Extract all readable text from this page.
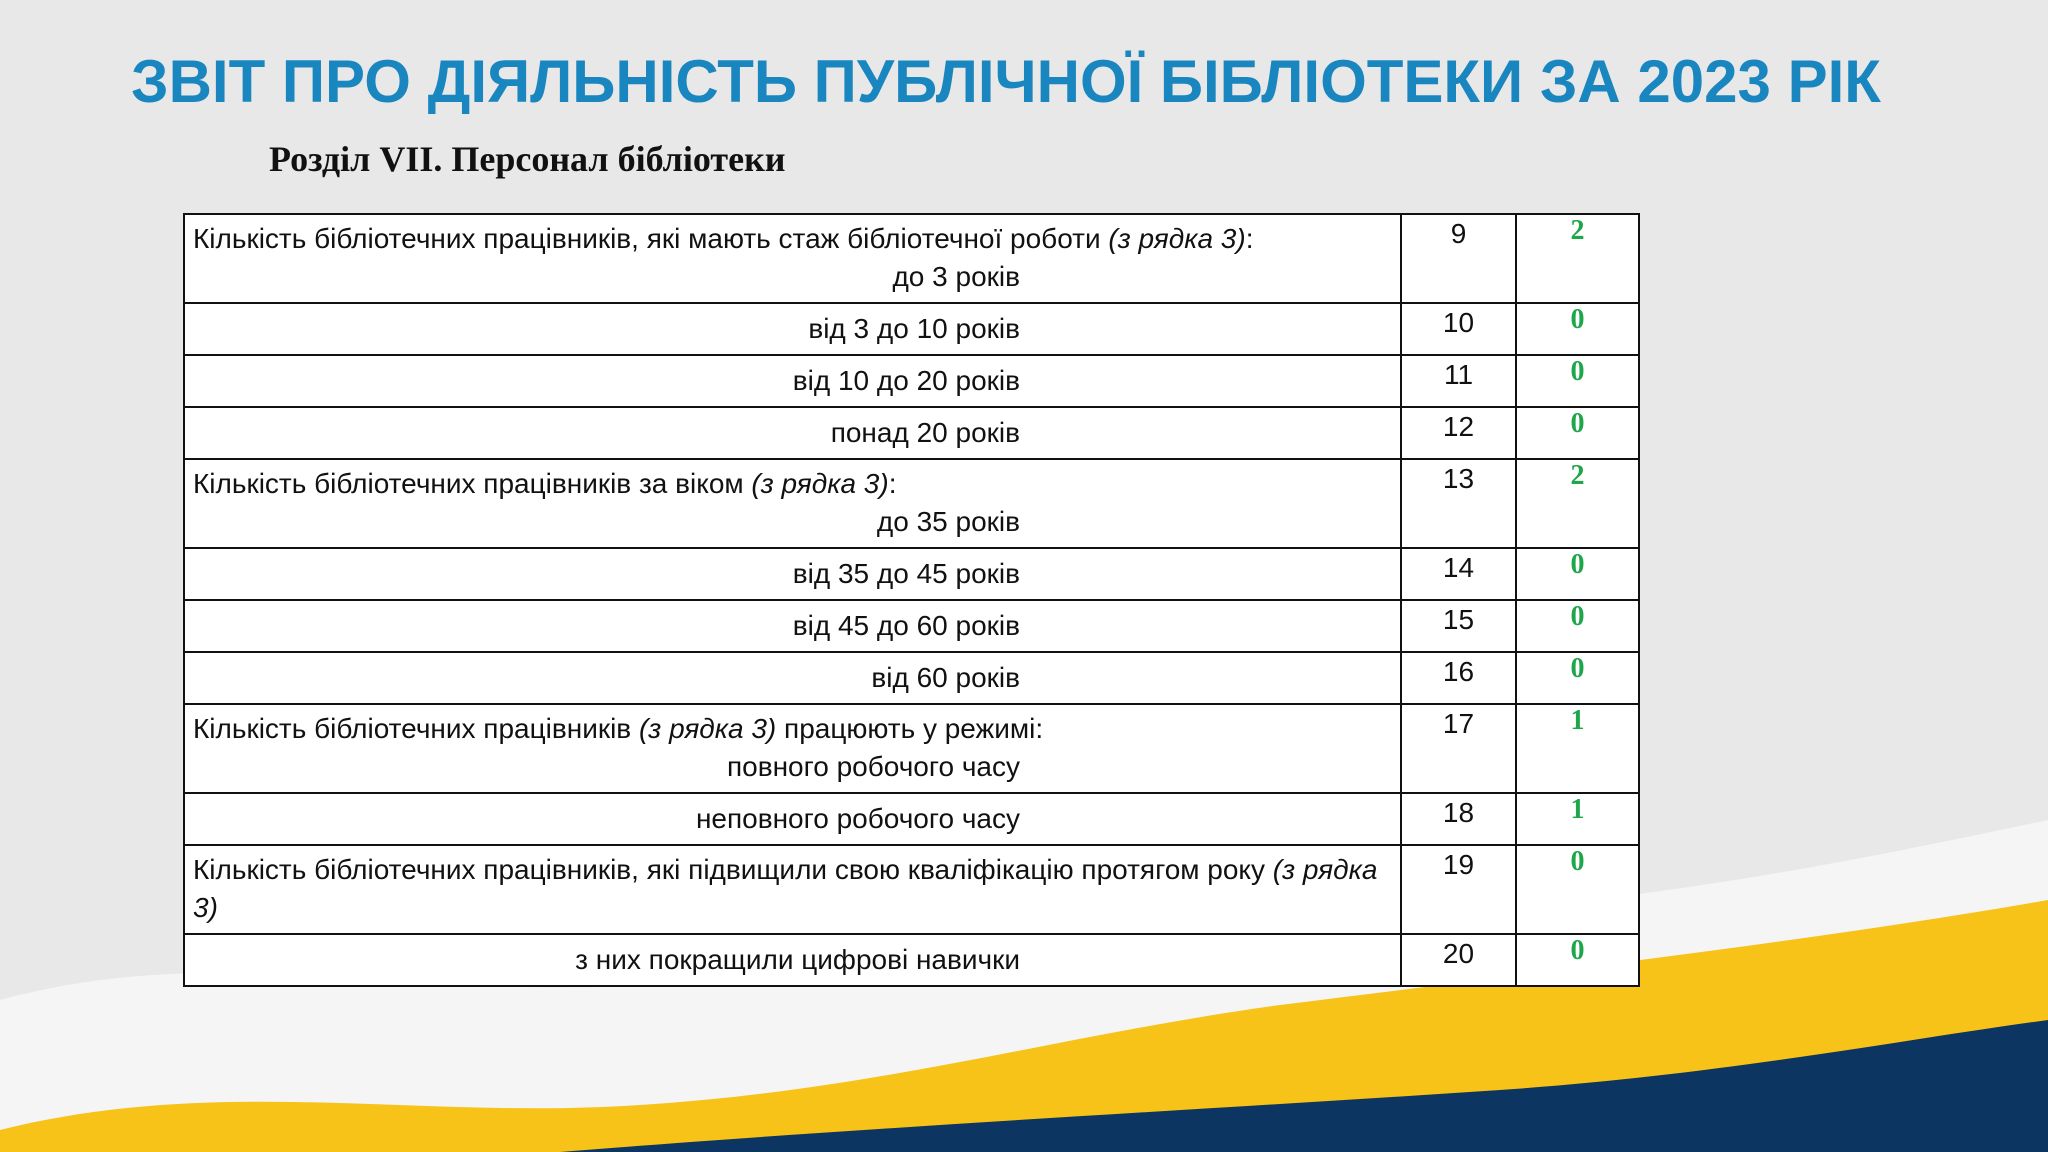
ЗВІТ ПРО ДІЯЛЬНІСТЬ ПУБЛІЧНОЇ БІБЛІОТЕКИ ЗА 2023 РІК
Розділ VІІ. Персонал бібліотеки
Кількість бібліотечних працівників, які мають стаж бібліотечної роботи (з рядка 3):
до 3 років	9	2

від 3 до 10 років	10	0

від 10 до 20 років	11	0

понад 20 років	12	0

Кількість бібліотечних працівників за віком (з рядка 3):
до 35 років	13	2

від 35 до 45 років	14	0

від 45 до 60 років	15	0

від 60 років	16	0

Кількість бібліотечних працівників (з рядка 3) працюють у режимі:
повного робочого часу	17	1

неповного робочого часу	18	1

Кількість бібліотечних працівників, які підвищили свою кваліфікацію протягом року (з рядка 3)	19	0

з них покращили цифрові навички	20	0
